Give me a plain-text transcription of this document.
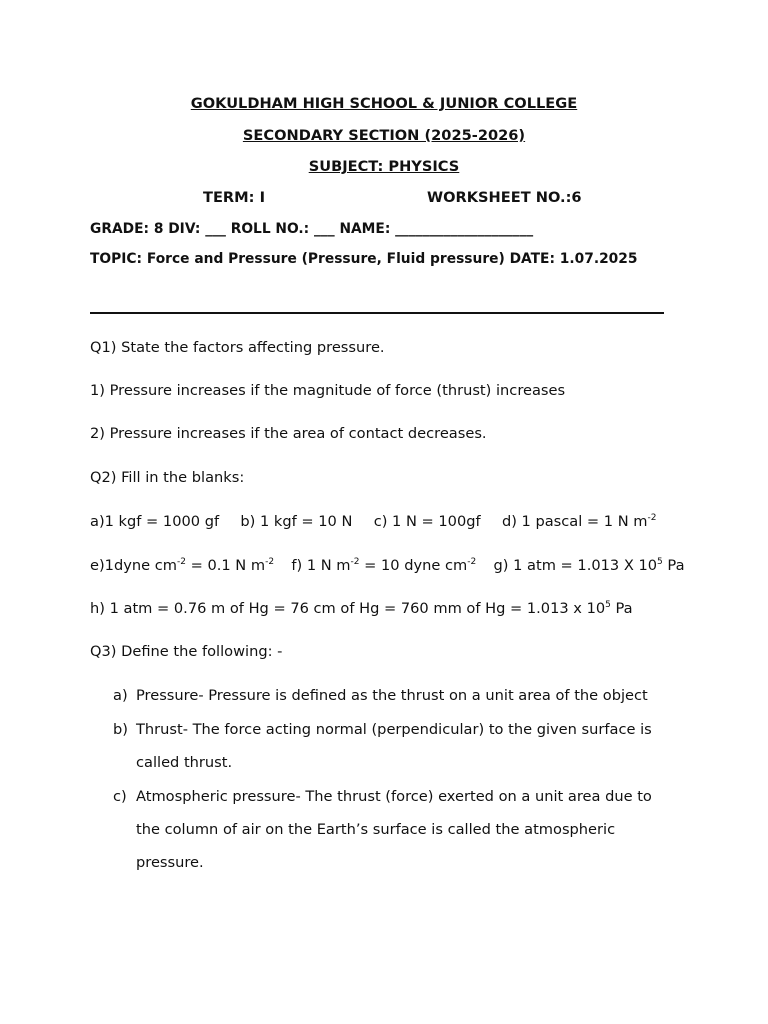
GOKULDHAM HIGH SCHOOL & JUNIOR COLLEGE
SECONDARY SECTION (2025-2026)
SUBJECT: PHYSICS
TERM: I	WORKSHEET NO.:6
GRADE: 8 DIV: ___ ROLL NO.: ___ NAME: ____________________
TOPIC: Force and Pressure (Pressure, Fluid pressure) DATE: 1.07.2025
Q1) State the factors affecting pressure.
1) Pressure increases if the magnitude of force (thrust) increases
2) Pressure increases if the area of contact decreases.
Q2) Fill in the blanks:
a)1 kgf = 1000 gf b) 1 kgf = 10 N c) 1 N = 100gf d) 1 pascal = 1 N $m^{-2}$
e)1dyne $cm^{-2} = 0.1$ N $m^{-2}$ f) 1 N $m^{-2} = 10$ dyne $cm^{-2}$ g) 1 atm = 1.013 X $10^5$ Pa
h) 1 atm = 0.76 m of Hg = 76 cm of Hg = 760 mm of Hg = 1.013 x $10^5$ Pa
Q3) Define the following: -
a) Pressure- Pressure is defined as the thrust on a unit area of the object
b) Thrust- The force acting normal (perpendicular) to the given surface is
called thrust.
c) Atmospheric pressure- The thrust (force) exerted on a unit area due to
the column of air on the Earth’s surface is called the atmospheric
pressure.
